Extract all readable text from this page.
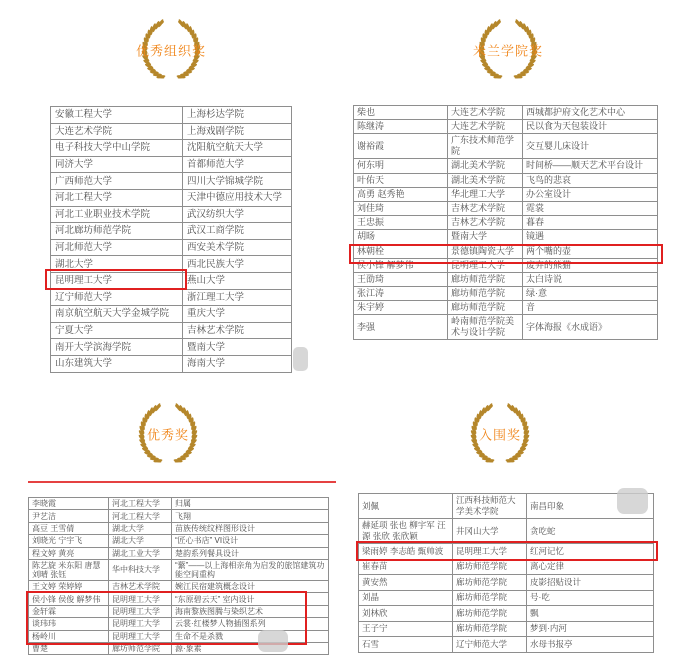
优秀组织奖	米兰学院奖
优秀奖	入围奖
安徽工程大学	上海杉达学院
大连艺术学院	上海戏剧学院
电子科技大学中山学院	沈阳航空航天大学
同济大学	首都师范大学
广西师范大学	四川大学锦城学院
河北工程大学	天津中德应用技术大学
河北工业职业技术学院	武汉纺织大学
河北廊坊师范学院	武汉工商学院
河北师范大学	西安美术学院
湖北大学	西北民族大学
昆明理工大学	燕山大学
辽宁师范大学	浙江理工大学
南京航空航天大学金城学院	重庆大学
宁夏大学	吉林艺术学院
南开大学滨海学院	暨南大学
山东建筑大学	海南大学
柴也	大连艺术学院	西城都护府文化艺术中心
陈继涛	大连艺术学院	民以食为天包装设计
谢裕霞	广东技术师范学院	交互婴儿床设计
何东明	湖北美术学院	时间桥——顺天艺术平台设计
叶佑天	湖北美术学院	飞鸟的悲哀
高勇 赵秀艳	华北理工大学	办公室设计
刘佳琦	吉林艺术学院	霓裳
王忠振	吉林艺术学院	暮春
胡旸	暨南大学	镜遇
林朝栓	景德镇陶瓷大学	两个嘴的壶
侯小锋 解梦伟	昆明理工大学	废弃的熊猫
王劭琦	廊坊师范学院	太白诗说
张江涛	廊坊师范学院	绿·意
朱宇婷	廊坊师范学院	音
李强	岭南师范学院美术与设计学院	字体海报《水成语》
李晓霞	河北工程大学	归属
尹艺洁	河北工程大学	飞翔
高豆 王雪倩	湖北大学	苗族传统纹样图形设计
刘晓光 宁宇飞	湖北大学	“匠心书店” VI设计
程文婷 黄亮	湖北工业大学	楚韵系列餐具设计
陈艺旋 米东阳 唐慧 刘晴 张钰	华中科技大学	“蘩”——以上海相亲角为启发的旅馆建筑功能空间重构
王文婷 荣婷婷	吉林艺术学院	婉江民宿建筑概念设计
侯小锋 侯俊 解梦伟	昆明理工大学	“东原碧云天” 室内设计
金轩霖	昆明理工大学	海南黎族图腾与染织艺术
谈玮玮	昆明理工大学	云裳·红楼梦人物插图系列
杨岭川	昆明理工大学	生命不是杀戮
曹楚	廊坊师范学院	源·象素
刘佩	江西科技师范大学美术学院	南昌印象
赫延项 张也 柳宇军 汪源 张欣 张欣颖	井冈山大学	贪吃蛇
梁雨婷 李志皓 甄帅波	昆明理工大学	红河记忆
崔春苗	廊坊师范学院	离心定律
黄安然	廊坊师范学院	皮影招贴设计
刘晶	廊坊师范学院	号·吃
刘林欣	廊坊师范学院	飘
王子宁	廊坊师范学院	梦到·内河
石雪	辽宁师范大学	水母书报亭
